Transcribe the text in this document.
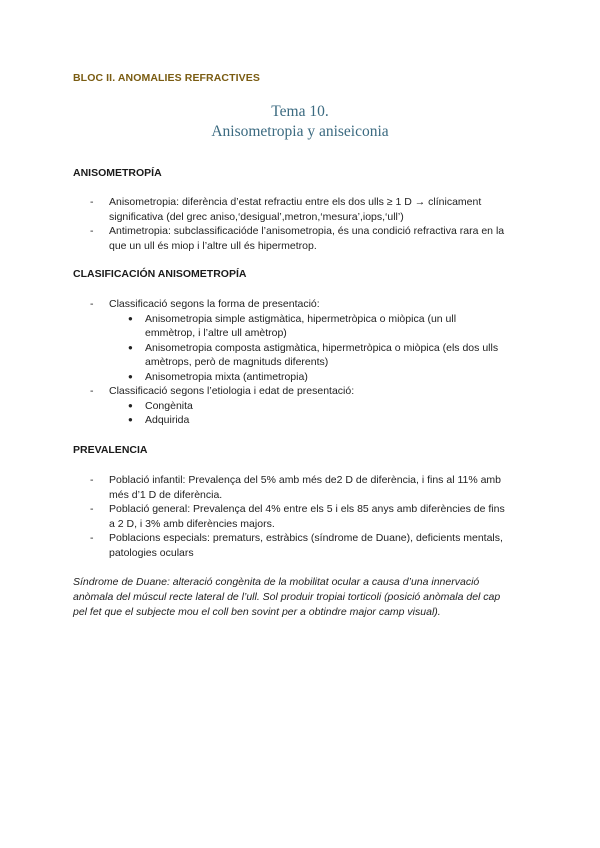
BLOC II. ANOMALIES REFRACTIVES
Tema 10.
Anisometropia y aniseiconia
ANISOMETROPÍA
- Anisometropia: diferència d’estat refractiu entre els dos ulls ≥ 1 D → clínicament
significativa (del grec aniso,‘desigual’,metron,‘mesura’,iops,‘ull’)
- Antimetropia: subclassificacióde l’anisometropia, és una condició refractiva rara en la
que un ull és miop i l’altre ull és hipermetrop.
CLASIFICACIÓN ANISOMETROPÍA
- Classificació segons la forma de presentació:
● Anisometropia simple astigmàtica, hipermetròpica o miòpica (un ull
emmètrop, i l’altre ull amètrop)
● Anisometropia composta astigmàtica, hipermetròpica o miòpica (els dos ulls
amètrops, però de magnituds diferents)
● Anisometropia mixta (antimetropia)
- Classificació segons l’etiologia i edat de presentació:
● Congènita
● Adquirida
PREVALENCIA
- Població infantil: Prevalença del 5% amb més de2 D de diferència, i fins al 11% amb
més d’1 D de diferència.
- Població general: Prevalença del 4% entre els 5 i els 85 anys amb diferències de fins
a 2 D, i 3% amb diferències majors.
- Poblacions especials: prematurs, estràbics (síndrome de Duane), deficients mentals,
patologies oculars
Síndrome de Duane: alteració congènita de la mobilitat ocular a causa d’una innervació
anòmala del múscul recte lateral de l’ull. Sol produir tropiai torticoli (posició anòmala del cap
pel fet que el subjecte mou el coll ben sovint per a obtindre major camp visual).
